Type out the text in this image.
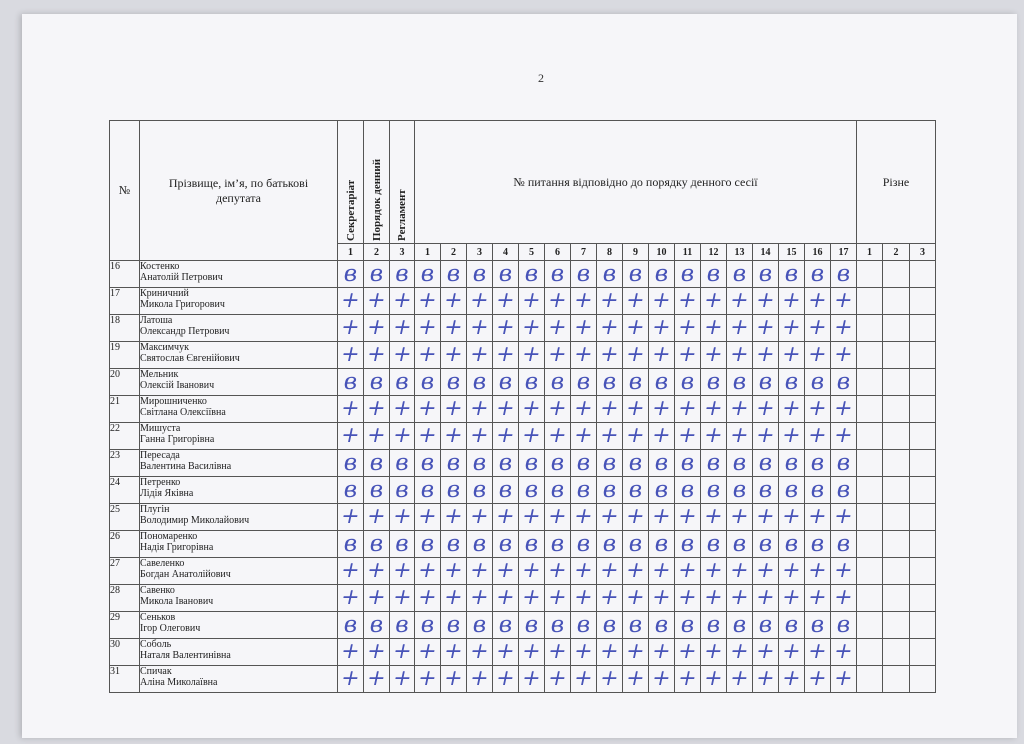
2
№	Прізвище, ім’я, по батькові депутата	Секретаріат	Порядок денний	Регламент	№ питання відповідно до порядку денного сесії																	Різне		
		1	2	3	1	2	3	4	5	6	7	8	9	10	11	12	13	14	15	16	17	1	2	3
16	Костенко
Анатолій Петрович	в	в	в	в	в	в	в	в	в	в	в	в	в	в	в	в	в	в	в	в			
17	Криничний
Микола Григорович	+	+	+	+	+	+	+	+	+	+	+	+	+	+	+	+	+	+	+	+			
18	Латоша
Олександр Петрович	+	+	+	+	+	+	+	+	+	+	+	+	+	+	+	+	+	+	+	+			
19	Максимчук
Святослав Євгенійович	+	+	+	+	+	+	+	+	+	+	+	+	+	+	+	+	+	+	+	+			
20	Мельник
Олексій Іванович	в	в	в	в	в	в	в	в	в	в	в	в	в	в	в	в	в	в	в	в			
21	Мирошниченко
Світлана Олексіївна	+	+	+	+	+	+	+	+	+	+	+	+	+	+	+	+	+	+	+	+			
22	Мишуста
Ганна Григорівна	+	+	+	+	+	+	+	+	+	+	+	+	+	+	+	+	+	+	+	+			
23	Пересада
Валентина Василівна	в	в	в	в	в	в	в	в	в	в	в	в	в	в	в	в	в	в	в	в			
24	Петренко
Лідія Яківна	в	в	в	в	в	в	в	в	в	в	в	в	в	в	в	в	в	в	в	в			
25	Плугін
Володимир Миколайович	+	+	+	+	+	+	+	+	+	+	+	+	+	+	+	+	+	+	+	+			
26	Пономаренко
Надія Григорівна	в	в	в	в	в	в	в	в	в	в	в	в	в	в	в	в	в	в	в	в			
27	Савеленко
Богдан Анатолійович	+	+	+	+	+	+	+	+	+	+	+	+	+	+	+	+	+	+	+	+			
28	Савенко
Микола Іванович	+	+	+	+	+	+	+	+	+	+	+	+	+	+	+	+	+	+	+	+			
29	Сеньков
Ігор Олегович	в	в	в	в	в	в	в	в	в	в	в	в	в	в	в	в	в	в	в	в			
30	Соболь
Наталя Валентинівна	+	+	+	+	+	+	+	+	+	+	+	+	+	+	+	+	+	+	+	+			
31	Спичак
Аліна Миколаївна	+	+	+	+	+	+	+	+	+	+	+	+	+	+	+	+	+	+	+	+			
